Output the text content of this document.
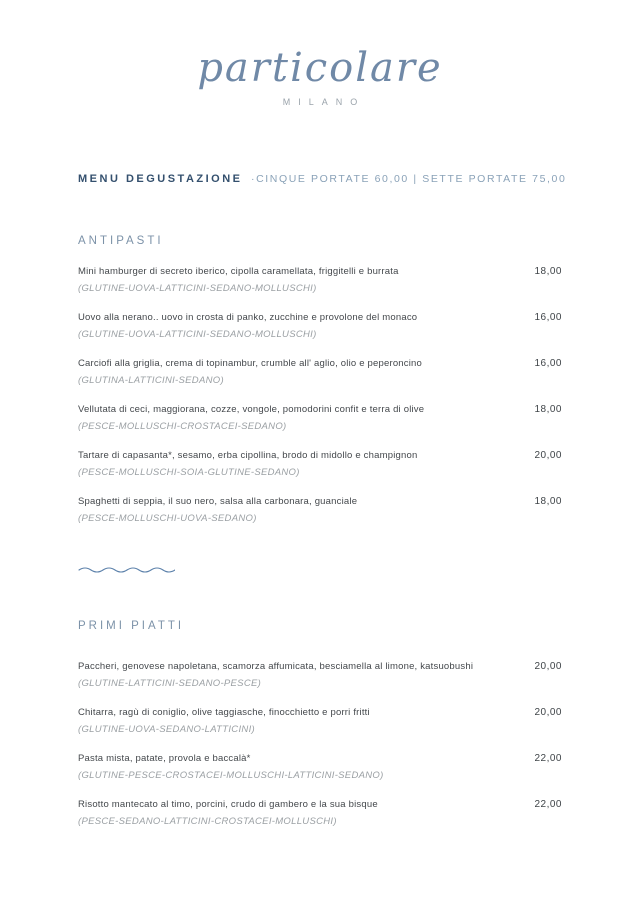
particolare
MILANO
MENU DEGUSTAZIONE ·CINQUE PORTATE 60,00 | SETTE PORTATE 75,00
ANTIPASTI
Mini hamburger di secreto iberico, cipolla caramellata, friggitelli e burrata
(GLUTINE-UOVA-LATTICINI-SEDANO-MOLLUSCHI)
18,00
Uovo alla nerano.. uovo in crosta di panko, zucchine e provolone del monaco
(GLUTINE-UOVA-LATTICINI-SEDANO-MOLLUSCHI)
16,00
Carciofi alla griglia, crema di topinambur, crumble all' aglio, olio e peperoncino
(GLUTINA-LATTICINI-SEDANO)
16,00
Vellutata di ceci, maggiorana, cozze, vongole, pomodorini confit e terra di olive
(PESCE-MOLLUSCHI-CROSTACEI-SEDANO)
18,00
Tartare di capasanta*, sesamo, erba cipollina, brodo di midollo e champignon
(PESCE-MOLLUSCHI-SOIA-GLUTINE-SEDANO)
20,00
Spaghetti di seppia, il suo nero, salsa alla carbonara, guanciale
(PESCE-MOLLUSCHI-UOVA-SEDANO)
18,00
PRIMI PIATTI
Paccheri, genovese napoletana, scamorza affumicata, besciamella al limone, katsuobushi
(GLUTINE-LATTICINI-SEDANO-PESCE)
20,00
Chitarra, ragù di coniglio, olive taggiasche, finocchietto e porri fritti
(GLUTINE-UOVA-SEDANO-LATTICINI)
20,00
Pasta mista, patate, provola e baccalà*
(GLUTINE-PESCE-CROSTACEI-MOLLUSCHI-LATTICINI-SEDANO)
22,00
Risotto mantecato al timo, porcini, crudo di gambero e la sua bisque
(PESCE-SEDANO-LATTICINI-CROSTACEI-MOLLUSCHI)
22,00
